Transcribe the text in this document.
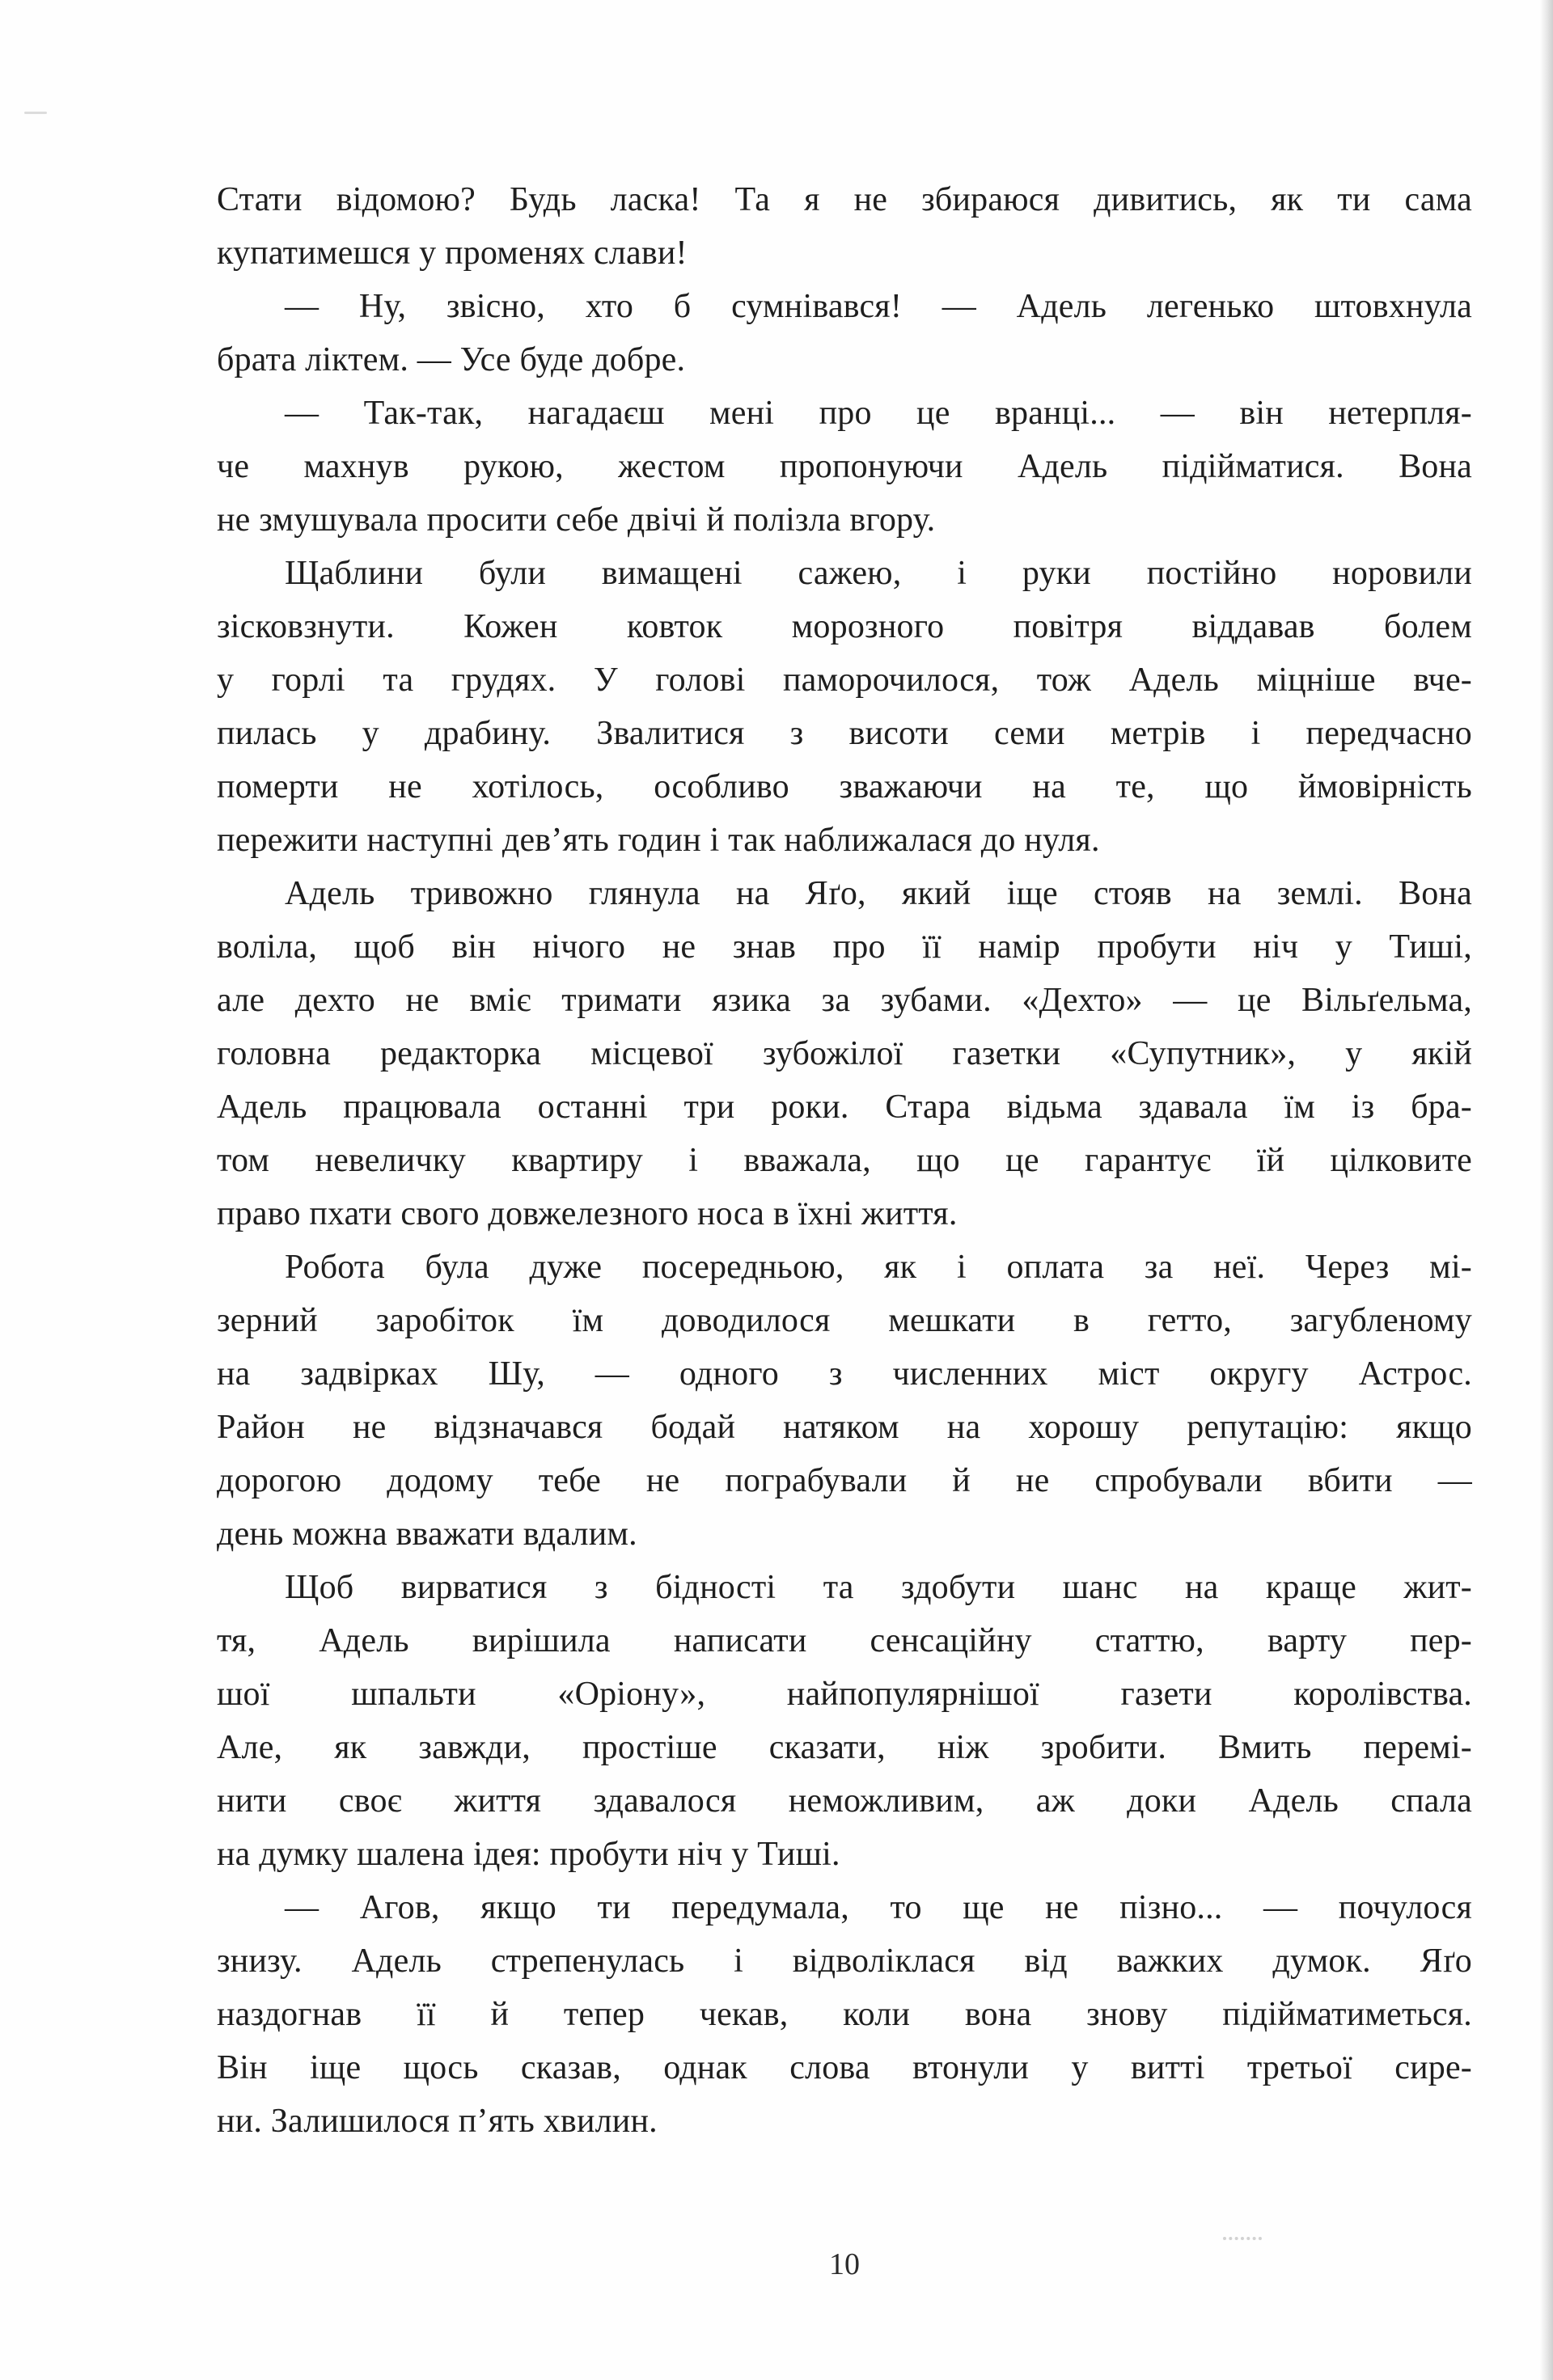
Стати відомою? Будь ласка! Та я не збираюся дивитись, як ти сама
купатимешся у променях слави!
— Ну, звісно, хто б сумнівався! — Адель легенько штовхнула
брата ліктем. — Усе буде добре.
— Так-так, нагадаєш мені про це вранці... — він нетерпля-
че махнув рукою, жестом пропонуючи Адель підійматися. Вона
не змушувала просити себе двічі й полізла вгору.
Щаблини були вимащені сажею, і руки постійно норовили
зісковзнути. Кожен ковток морозного повітря віддавав болем
у горлі та грудях. У голові паморочилося, тож Адель міцніше вче-
пилась у драбину. Звалитися з висоти семи метрів і передчасно
померти не хотілось, особливо зважаючи на те, що ймовірність
пережити наступні дев’ять годин і так наближалася до нуля.
Адель тривожно глянула на Яґо, який іще стояв на землі. Вона
воліла, щоб він нічого не знав про її намір пробути ніч у Тиші,
але дехто не вміє тримати язика за зубами. «Дехто» — це Вільґельма,
головна редакторка місцевої зубожілої газетки «Супутник», у якій
Адель працювала останні три роки. Стара відьма здавала їм із бра-
том невеличку квартиру і вважала, що це гарантує їй цілковите
право пхати свого довжелезного носа в їхні життя.
Робота була дуже посередньою, як і оплата за неї. Через мі-
зерний заробіток їм доводилося мешкати в гетто, загубленому
на задвірках Шу, — одного з численних міст округу Астрос.
Район не відзначався бодай натяком на хорошу репутацію: якщо
дорогою додому тебе не пограбували й не спробували вбити —
день можна вважати вдалим.
Щоб вирватися з бідності та здобути шанс на краще жит-
тя, Адель вирішила написати сенсаційну статтю, варту пер-
шої шпальти «Оріону», найпопулярнішої газети королівства.
Але, як завжди, простіше сказати, ніж зробити. Вмить перемі-
нити своє життя здавалося неможливим, аж доки Адель спала
на думку шалена ідея: пробути ніч у Тиші.
— Агов, якщо ти передумала, то ще не пізно... — почулося
знизу. Адель стрепенулась і відволіклася від важких думок. Яґо
наздогнав її й тепер чекав, коли вона знову підійматиметься.
Він іще щось сказав, однак слова втонули у витті третьої сире-
ни. Залишилося п’ять хвилин.
10
